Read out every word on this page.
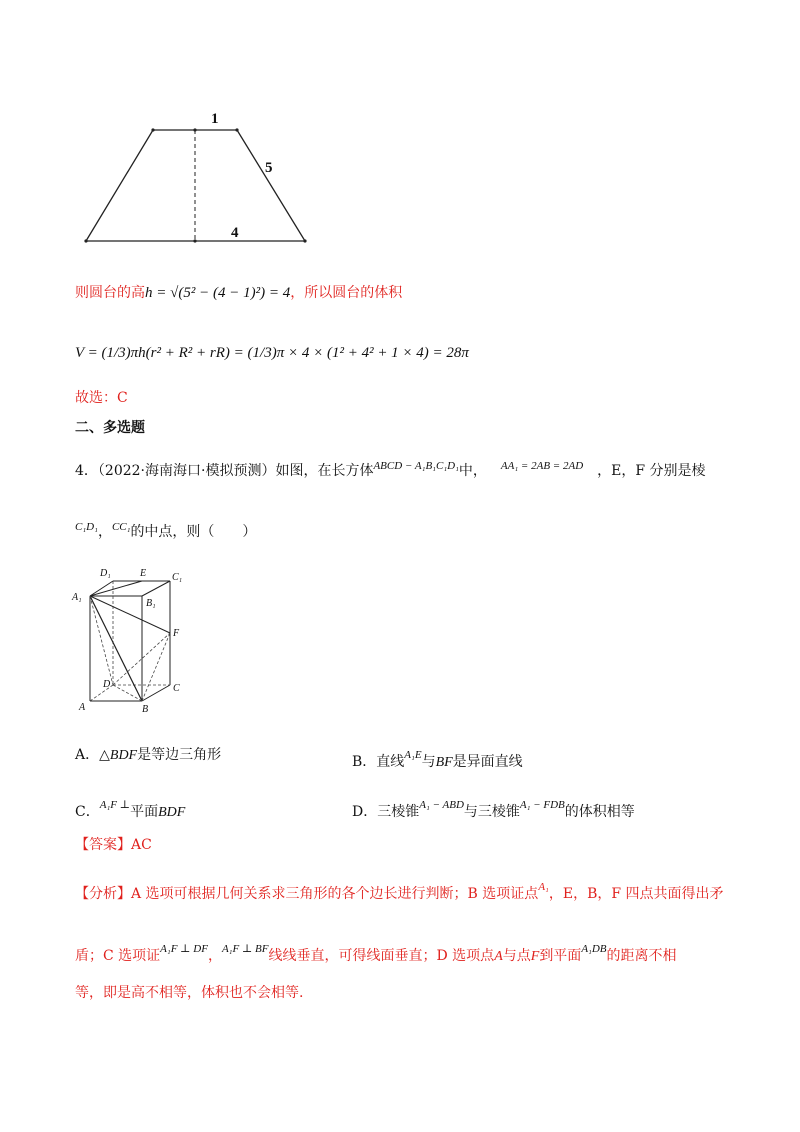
1
5
4
则圆台的高h = √(5² − (4 − 1)²) = 4，所以圆台的体积
V = (1/3)πh(r² + R² + rR) = (1/3)π × 4 × (1² + 4² + 1 × 4) = 28π
故选：C
二、多选题
4．（2022·海南海口·模拟预测）如图，在长方体$^{ABCD - A_1B_1C_1D_1}$中， $^{AA_1 = 2AB = 2AD}$ ，E，F 分别是棱
$^{C_1D_1}$，$^{CC_1}$的中点，则（　　）
D₁	E	C₁
A₁
B₁
F
D	C
A	B
A．△BDF是等边三角形	B．直线$^{A_1E}$与BF是异面直线
C．$^{A_1F \perp}$平面BDF	D．三棱锥$^{A_1 - ABD}$与三棱锥$^{A_1 - FDB}$的体积相等
【答案】AC
【分析】A 选项可根据几何关系求三角形的各个边长进行判断；B 选项证点$^{A_1}$，E，B，F 四点共面得出矛
盾；C 选项证$^{A_1F \perp DF}$，$^{A_1F \perp BF}$线线垂直，可得线面垂直；D 选项点A与点F到平面$^{A_1DB}$的距离不相
等，即是高不相等，体积也不会相等.
